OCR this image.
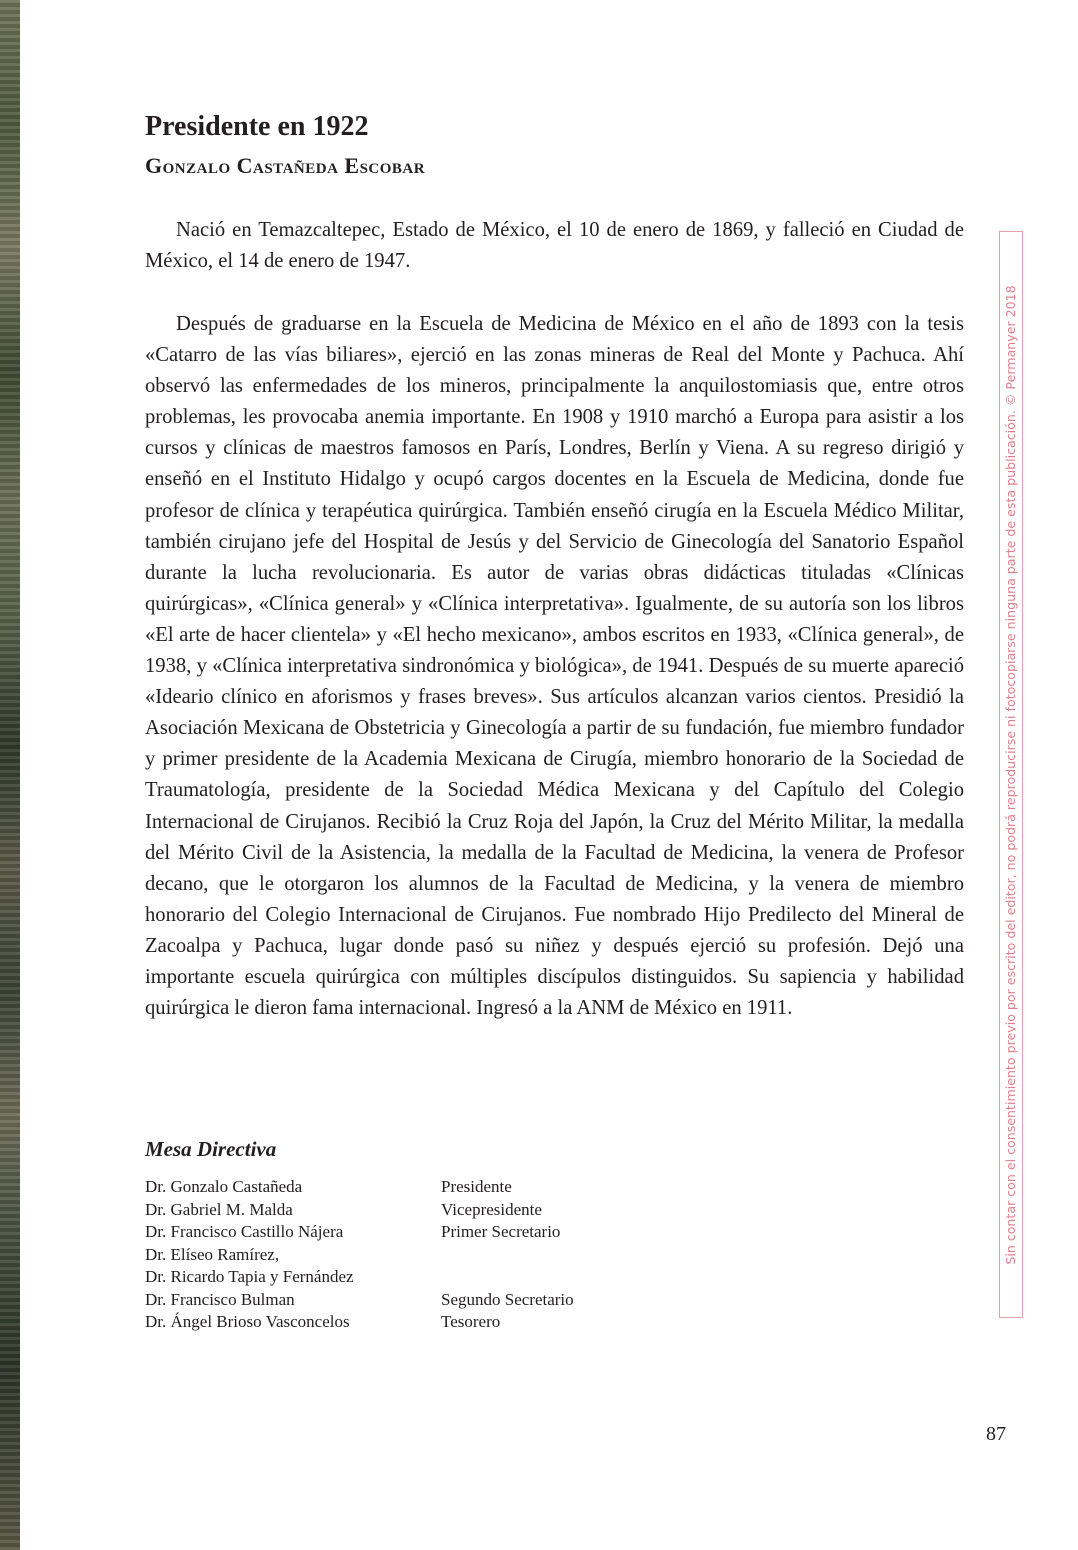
Presidente en 1922
Gonzalo Castañeda Escobar

Nació en Temazcaltepec, Estado de México, el 10 de enero de 1869, y falleció en Ciudad de México, el 14 de enero de 1947.

Después de graduarse en la Escuela de Medicina de México en el año de 1893 con la tesis «Catarro de las vías biliares», ejerció en las zonas mineras de Real del Monte y Pachuca. Ahí observó las enfermedades de los mineros, principalmente la anquilostomiasis que, entre otros problemas, les provocaba anemia importante. En 1908 y 1910 marchó a Europa para asistir a los cursos y clínicas de maestros famosos en París, Londres, Berlín y Viena. A su regreso dirigió y enseñó en el Instituto Hidalgo y ocupó cargos docentes en la Escuela de Medicina, donde fue profesor de clínica y terapéutica quirúrgica. También enseñó cirugía en la Escuela Médico Militar, también cirujano jefe del Hospital de Jesús y del Servicio de Ginecología del Sanatorio Español durante la lucha revolucionaria. Es autor de varias obras didácticas tituladas «Clínicas quirúrgicas», «Clínica general» y «Clínica interpretativa». Igualmente, de su autoría son los libros «El arte de hacer clientela» y «El hecho mexicano», ambos escritos en 1933, «Clínica general», de 1938, y «Clínica interpretativa sindronómica y biológica», de 1941. Después de su muerte apareció «Ideario clínico en aforismos y frases breves». Sus artículos alcanzan varios cientos. Presidió la Asociación Mexicana de Obstetricia y Ginecología a partir de su fundación, fue miembro fundador y primer presidente de la Academia Mexicana de Cirugía, miembro honorario de la Sociedad de Traumatología, presidente de la Sociedad Médica Mexicana y del Capítulo del Colegio Internacional de Cirujanos. Recibió la Cruz Roja del Japón, la Cruz del Mérito Militar, la medalla del Mérito Civil de la Asistencia, la medalla de la Facultad de Medicina, la venera de Profesor decano, que le otorgaron los alumnos de la Facultad de Medicina, y la venera de miembro honorario del Colegio Internacional de Cirujanos. Fue nombrado Hijo Predilecto del Mineral de Zacoalpa y Pachuca, lugar donde pasó su niñez y después ejerció su profesión. Dejó una importante escuela quirúrgica con múltiples discípulos distinguidos. Su sapiencia y habilidad quirúrgica le dieron fama internacional. Ingresó a la ANM de México en 1911.

Mesa Directiva
Dr. Gonzalo Castañeda	Presidente
Dr. Gabriel M. Malda	Vicepresidente
Dr. Francisco Castillo Nájera	Primer Secretario
Dr. Elíseo Ramírez,
Dr. Ricardo Tapia y Fernández
Dr. Francisco Bulman	Segundo Secretario
Dr. Ángel Brioso Vasconcelos	Tesorero
Sin contar con el consentimiento previo por escrito del editor, no podrá reproducirse ni fotocopiarse ninguna parte de esta publicación. © Permanyer 2018
87
